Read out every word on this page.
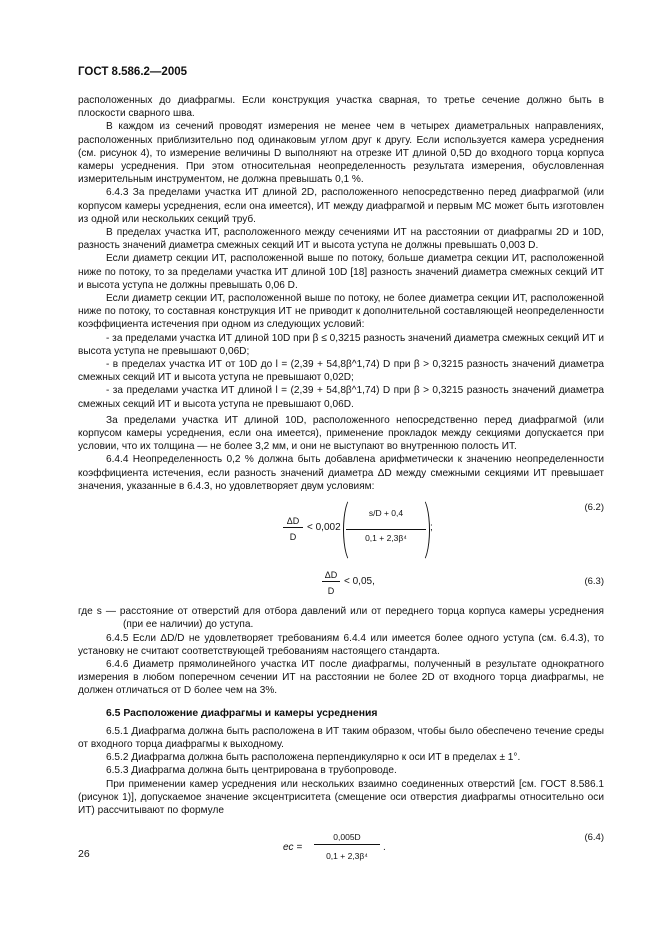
ГОСТ 8.586.2—2005

расположенных до диафрагмы. Если конструкция участка сварная, то третье сечение должно быть в плоскости сварного шва.

В каждом из сечений проводят измерения не менее чем в четырех диаметральных направлениях, расположенных приблизительно под одинаковым углом друг к другу. Если используется камера усреднения (см. рисунок 4), то измерение величины D выполняют на отрезке ИТ длиной 0,5D до входного торца корпуса камеры усреднения. При этом относительная неопределенность результата измерения, обусловленная измерительным инструментом, не должна превышать 0,1 %.

6.4.3 За пределами участка ИТ длиной 2D, расположенного непосредственно перед диафрагмой (или корпусом камеры усреднения, если она имеется), ИТ между диафрагмой и первым МС может быть изготовлен из одной или нескольких секций труб.

В пределах участка ИТ, расположенного между сечениями ИТ на расстоянии от диафрагмы 2D и 10D, разность значений диаметра смежных секций ИТ и высота уступа не должны превышать 0,003 D.

Если диаметр секции ИТ, расположенной выше по потоку, больше диаметра секции ИТ, расположенной ниже по потоку, то за пределами участка ИТ длиной 10D [18] разность значений диаметра смежных секций ИТ и высота уступа не должны превышать 0,06 D.

Если диаметр секции ИТ, расположенной выше по потоку, не более диаметра секции ИТ, расположенной ниже по потоку, то составная конструкция ИТ не приводит к дополнительной составляющей неопределенности коэффициента истечения при одном из следующих условий:

- за пределами участка ИТ длиной 10D при β ≤ 0,3215 разность значений диаметра смежных секций ИТ и высота уступа не превышают 0,06D;

- в пределах участка ИТ от 10D до l = (2,39 + 54,8β^1,74) D при β > 0,3215 разность значений диаметра смежных секций ИТ и высота уступа не превышают 0,02D;

- за пределами участка ИТ длиной l = (2,39 + 54,8β^1,74) D при β > 0,3215 разность значений диаметра смежных секций ИТ и высота уступа не превышают 0,06D.

За пределами участка ИТ длиной 10D, расположенного непосредственно перед диафрагмой (или корпусом камеры усреднения, если она имеется), применение прокладок между секциями допускается при условии, что их толщина — не более 3,2 мм, и они не выступают во внутреннюю полость ИТ.

6.4.4 Неопределенность 0,2 % должна быть добавлена арифметически к значению неопределенности коэффициента истечения, если разность значений диаметра ΔD между смежными секциями ИТ превышает значения, указанные в 6.4.3, но удовлетворяет двум условиям:

ΔD
D
< 0,002
s/D + 0,4
0,1 + 2,3β⁴
;
(6.2)
ΔD
D
< 0,05,	(6.3)

где s — расстояние от отверстий для отбора давлений или от переднего торца корпуса камеры усреднения (при ее наличии) до уступа.

6.4.5 Если ΔD/D не удовлетворяет требованиям 6.4.4 или имеется более одного уступа (см. 6.4.3), то установку не считают соответствующей требованиям настоящего стандарта.

6.4.6 Диаметр прямолинейного участка ИТ после диафрагмы, полученный в результате однократного измерения в любом поперечном сечении ИТ на расстоянии не более 2D от входного торца диафрагмы, не должен отличаться от D более чем на 3%.

6.5 Расположение диафрагмы и камеры усреднения

6.5.1 Диафрагма должна быть расположена в ИТ таким образом, чтобы было обеспечено течение среды от входного торца диафрагмы к выходному.

6.5.2 Диафрагма должна быть расположена перпендикулярно к оси ИТ в пределах ± 1°.

6.5.3 Диафрагма должна быть центрирована в трубопроводе.

При применении камер усреднения или нескольких взаимно соединенных отверстий [см. ГОСТ 8.586.1 (рисунок 1)], допускаемое значение эксцентриситета (смещение оси отверстия диафрагмы относительно оси ИТ) рассчитывают по формуле

eс =
0,005D
0,1 + 2,3β⁴
.
(6.4)
26
